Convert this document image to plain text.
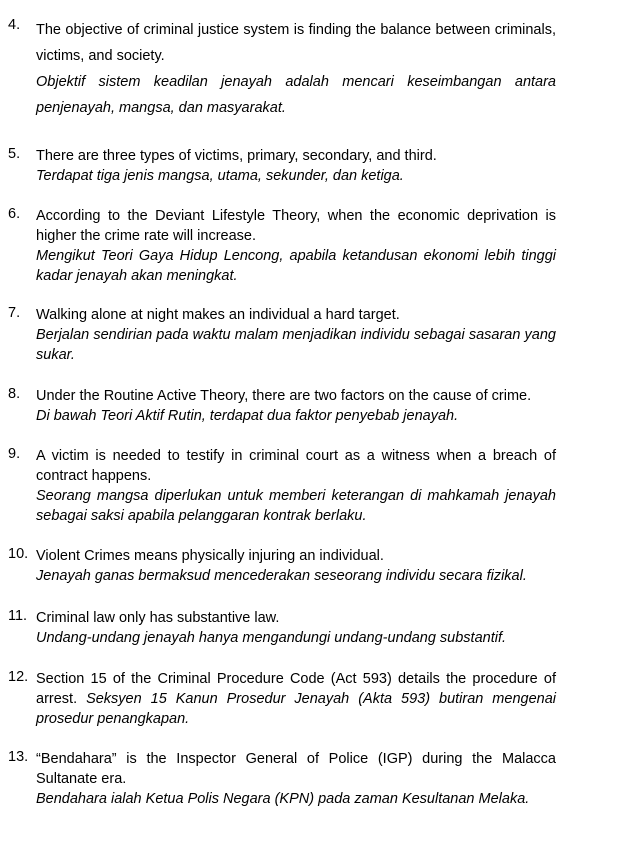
4. The objective of criminal justice system is finding the balance between criminals, victims, and society.
Objektif sistem keadilan jenayah adalah mencari keseimbangan antara penjenayah, mangsa, dan masyarakat.
5. There are three types of victims, primary, secondary, and third.
Terdapat tiga jenis mangsa, utama, sekunder, dan ketiga.
6. According to the Deviant Lifestyle Theory, when the economic deprivation is higher the crime rate will increase.
Mengikut Teori Gaya Hidup Lencong, apabila ketandusan ekonomi lebih tinggi kadar jenayah akan meningkat.
7. Walking alone at night makes an individual a hard target.
Berjalan sendirian pada waktu malam menjadikan individu sebagai sasaran yang sukar.
8. Under the Routine Active Theory, there are two factors on the cause of crime.
Di bawah Teori Aktif Rutin, terdapat dua faktor penyebab jenayah.
9. A victim is needed to testify in criminal court as a witness when a breach of contract happens.
Seorang mangsa diperlukan untuk memberi keterangan di mahkamah jenayah sebagai saksi apabila pelanggaran kontrak berlaku.
10. Violent Crimes means physically injuring an individual.
Jenayah ganas bermaksud mencederakan seseorang individu secara fizikal.
11. Criminal law only has substantive law.
Undang-undang jenayah hanya mengandungi undang-undang substantif.
12. Section 15 of the Criminal Procedure Code (Act 593) details the procedure of arrest. Seksyen 15 Kanun Prosedur Jenayah (Akta 593) butiran mengenai prosedur penangkapan.
13. “Bendahara” is the Inspector General of Police (IGP) during the Malacca Sultanate era.
Bendahara ialah Ketua Polis Negara (KPN) pada zaman Kesultanan Melaka.
